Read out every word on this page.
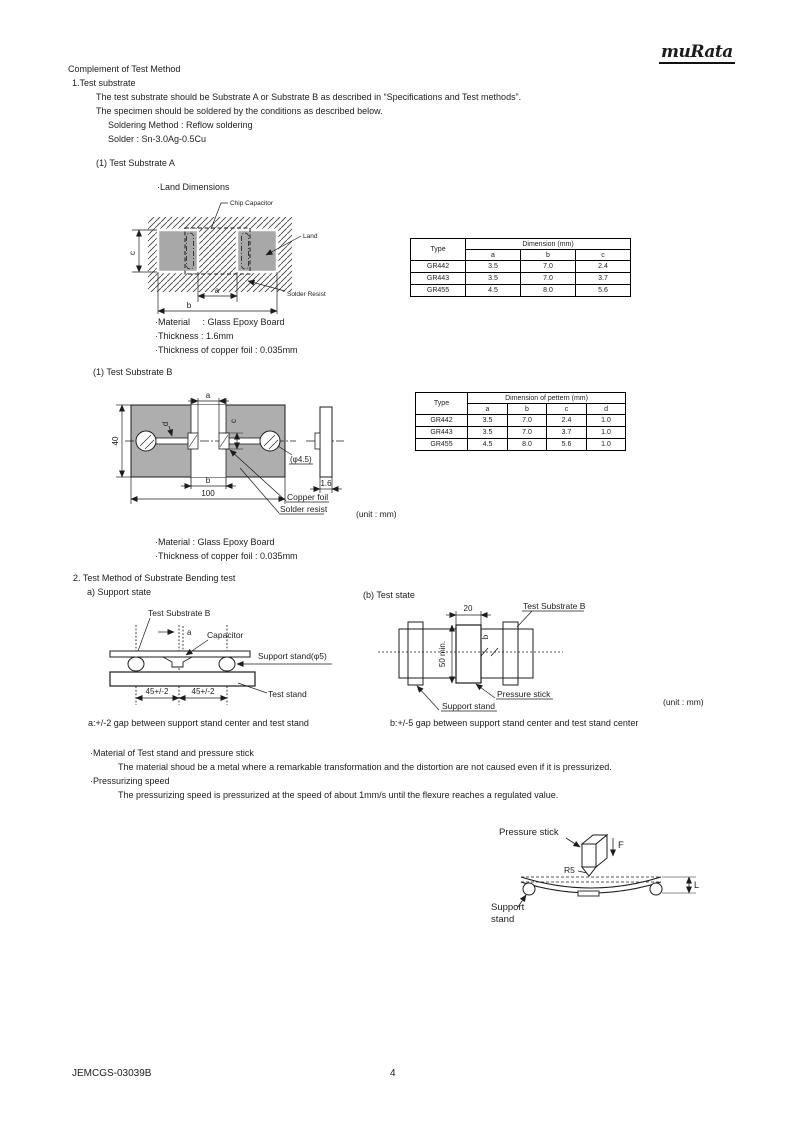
muRata
Complement of Test Method
1.Test substrate
The test substrate should be Substrate A or Substrate B as described in “Specifications and Test methods”.
The specimen should be soldered by the conditions as described below.
Soldering Method : Reflow soldering
Solder : Sn-3.0Ag-0.5Cu
(1) Test Substrate A
·Land Dimensions
Chip Capacitor
Land
Solder Resist
a
b
c
·Material     : Glass Epoxy Board
·Thickness : 1.6mm
·Thickness of copper foil : 0.035mm
Type	Dimension (mm)		
	a	b	c
GR442	3.5	7.0	2.4
GR443	3.5	7.0	3.7
GR455	4.5	8.0	5.6
(1) Test Substrate B
a
b
100
40
d
c
(φ4.5)
1.6
Copper foil
Solder resist	(unit : mm)
Type	Dimension of pettern (mm)			
	a	b	c	d
GR442	3.5	7.0	2.4	1.0
GR443	3.5	7.0	3.7	1.0
GR455	4.5	8.0	5.6	1.0
·Material : Glass Epoxy Board
·Thickness of copper foil : 0.035mm
2. Test Method of Substrate Bending test
a) Support state	(b) Test state
Test Substrate B
a Capacitor
Support stand(φ5)
45+/-2	45+/-2	Test stand
Test Substrate B
20
50 min.
b
Pressure stick
Support stand
a:+/-2 gap between support stand center and test stand	b:+/-5 gap between support stand center and test stand center
(unit : mm)
·Material of Test stand and pressure stick
The material shoud be a metal where a remarkable transformation and the distortion are not caused even if it is pressurized.
·Pressurizing speed
The pressurizing speed is pressurized at the speed of about 1mm/s until the flexure reaches a regulated value.
Pressure stick
F
R5
L
Support
stand
JEMCGS-03039B	4
